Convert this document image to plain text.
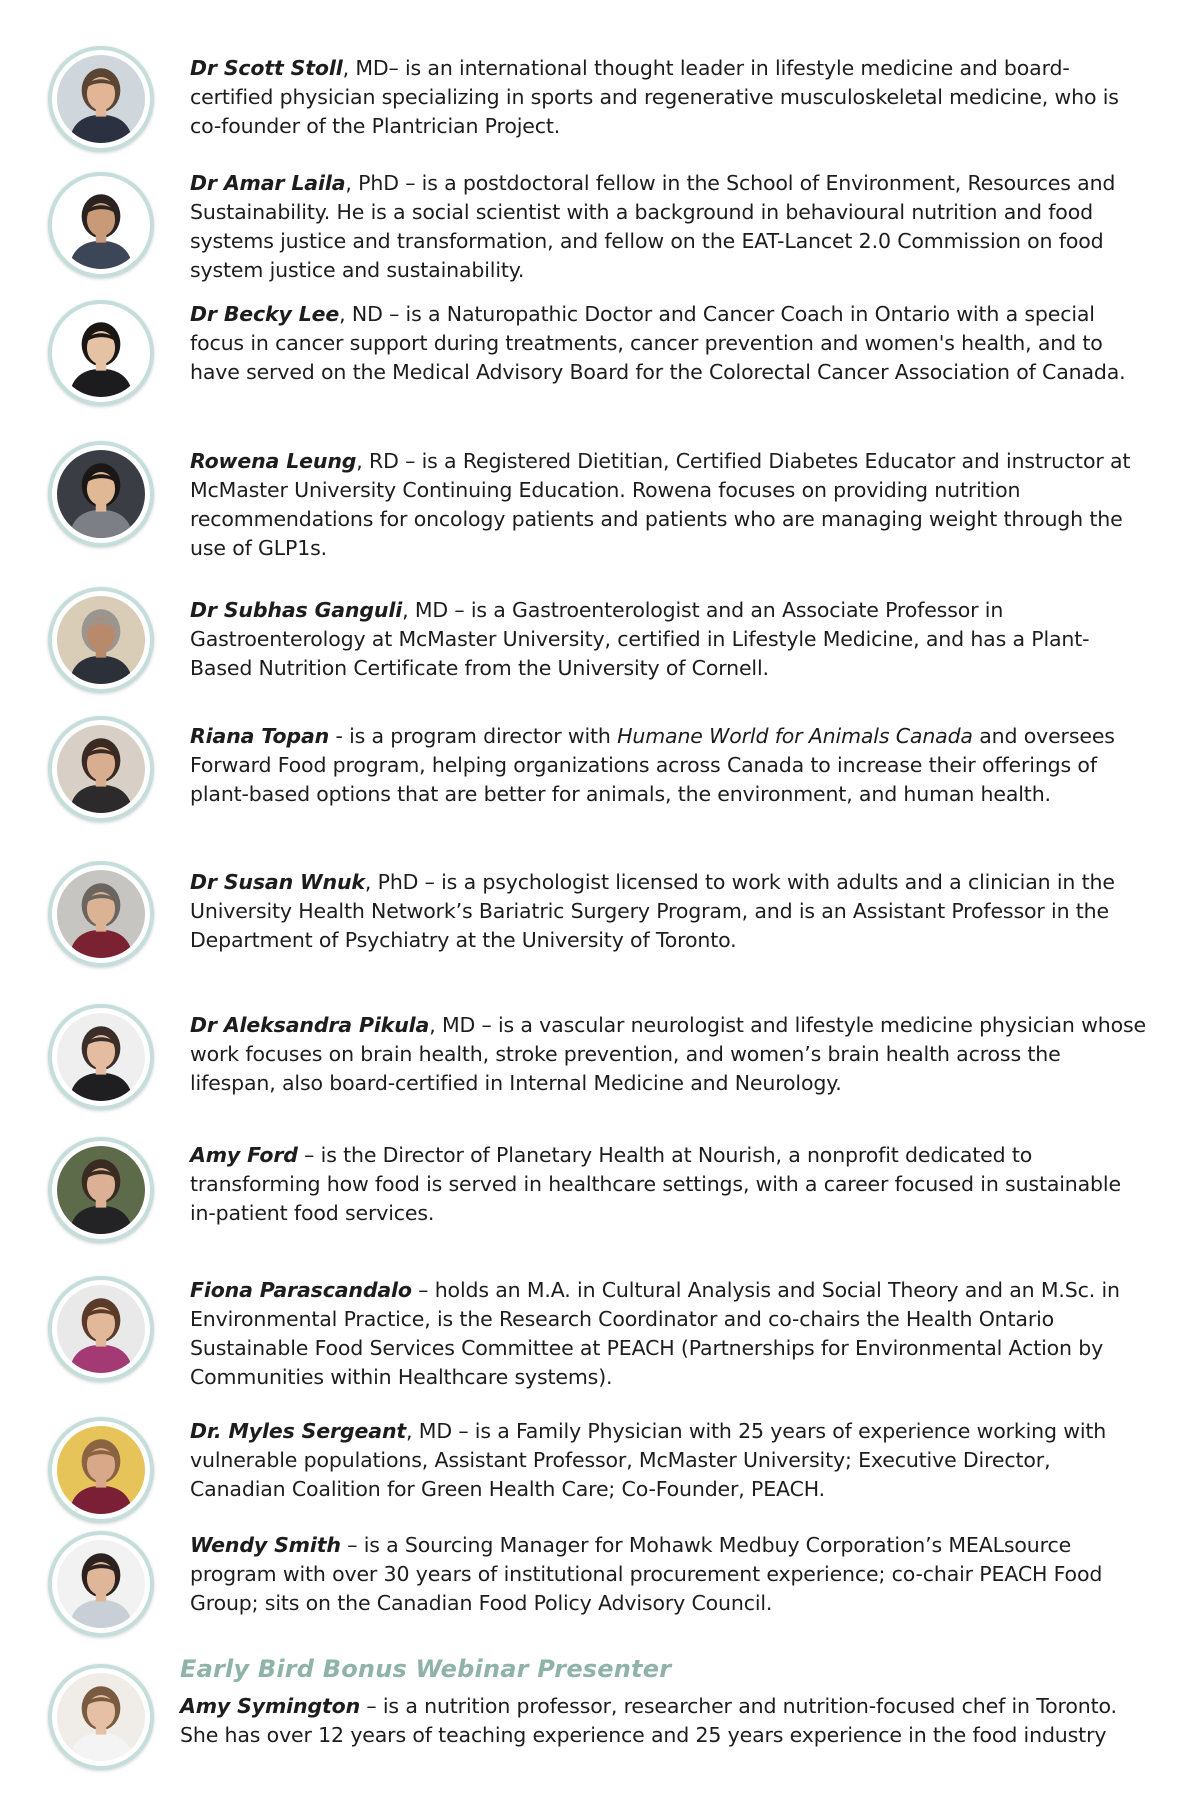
Dr Scott Stoll, MD– is an international thought leader in lifestyle medicine and board-certified physician specializing in sports and regenerative musculoskeletal medicine, who is co-founder of the Plantrician Project.
Dr Amar Laila, PhD – is a postdoctoral fellow in the School of Environment, Resources and Sustainability. He is a social scientist with a background in behavioural nutrition and food systems justice and transformation, and fellow on the EAT-Lancet 2.0 Commission on food system justice and sustainability.
Dr Becky Lee, ND – is a Naturopathic Doctor and Cancer Coach in Ontario with a special focus in cancer support during treatments, cancer prevention and women's health, and to have served on the Medical Advisory Board for the Colorectal Cancer Association of Canada.
Rowena Leung, RD – is a Registered Dietitian, Certified Diabetes Educator and instructor at McMaster University Continuing Education. Rowena focuses on providing nutrition recommendations for oncology patients and patients who are managing weight through the use of GLP1s.
Dr Subhas Ganguli, MD – is a Gastroenterologist and an Associate Professor in Gastroenterology at McMaster University, certified in Lifestyle Medicine, and has a Plant-Based Nutrition Certificate from the University of Cornell.
Riana Topan - is a program director with Humane World for Animals Canada and oversees Forward Food program, helping organizations across Canada to increase their offerings of plant-based options that are better for animals, the environment, and human health.
Dr Susan Wnuk, PhD – is a psychologist licensed to work with adults and a clinician in the University Health Network’s Bariatric Surgery Program, and is an Assistant Professor in the Department of Psychiatry at the University of Toronto.
Dr Aleksandra Pikula, MD – is a vascular neurologist and lifestyle medicine physician whose work focuses on brain health, stroke prevention, and women’s brain health across the lifespan, also board-certified in Internal Medicine and Neurology.
Amy Ford – is the Director of Planetary Health at Nourish, a nonprofit dedicated to transforming how food is served in healthcare settings, with a career focused in sustainable in-patient food services.
Fiona Parascandalo – holds an M.A. in Cultural Analysis and Social Theory and an M.Sc. in Environmental Practice, is the Research Coordinator and co-chairs the Health Ontario Sustainable Food Services Committee at PEACH (Partnerships for Environmental Action by Communities within Healthcare systems).
Dr. Myles Sergeant, MD – is a Family Physician with 25 years of experience working with vulnerable populations, Assistant Professor, McMaster University; Executive Director, Canadian Coalition for Green Health Care; Co-Founder, PEACH.
Wendy Smith – is a Sourcing Manager for Mohawk Medbuy Corporation’s MEALsource program with over 30 years of institutional procurement experience; co-chair PEACH Food Group; sits on the Canadian Food Policy Advisory Council.
Early Bird Bonus Webinar Presenter
Amy Symington – is a nutrition professor, researcher and nutrition-focused chef in Toronto. She has over 12 years of teaching experience and 25 years experience in the food industry
